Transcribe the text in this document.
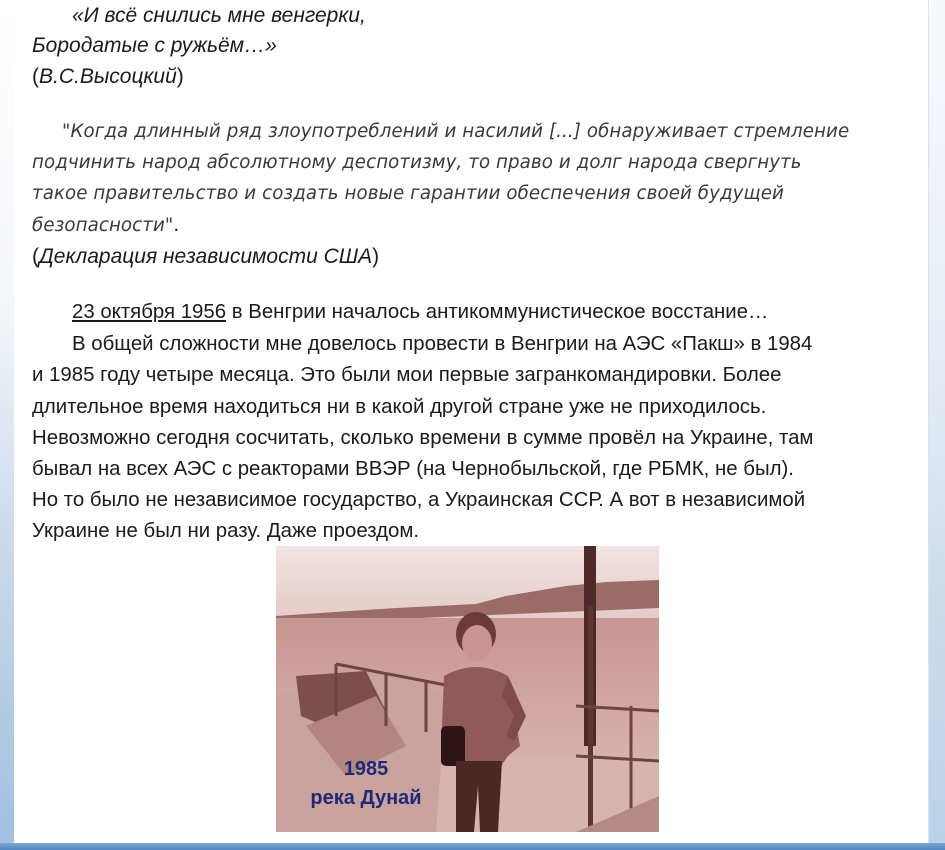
«И всё снились мне венгерки,
Бородатые с ружьём…»
(В.С.Высоцкий)
"Когда длинный ряд злоупотреблений и насилий [...] обнаруживает стремление
подчинить народ абсолютному деспотизму, то право и долг народа свергнуть
такое правительство и создать новые гарантии обеспечения своей будущей
безопасности".
(Декларация независимости США)
23 октября 1956 в Венгрии началось антикоммунистическое восстание…
В общей сложности мне довелось провести в Венгрии на АЭС «Пакш» в 1984
и 1985 году четыре месяца. Это были мои первые загранкомандировки. Более
длительное время находиться ни в какой другой стране уже не приходилось.
Невозможно сегодня сосчитать, сколько времени в сумме провёл на Украине, там
бывал на всех АЭС с реакторами ВВЭР (на Чернобыльской, где РБМК, не был).
Но то было не независимое государство, а Украинская ССР. А вот в независимой
Украине не был ни разу. Даже проездом.
1985
река Дунай
